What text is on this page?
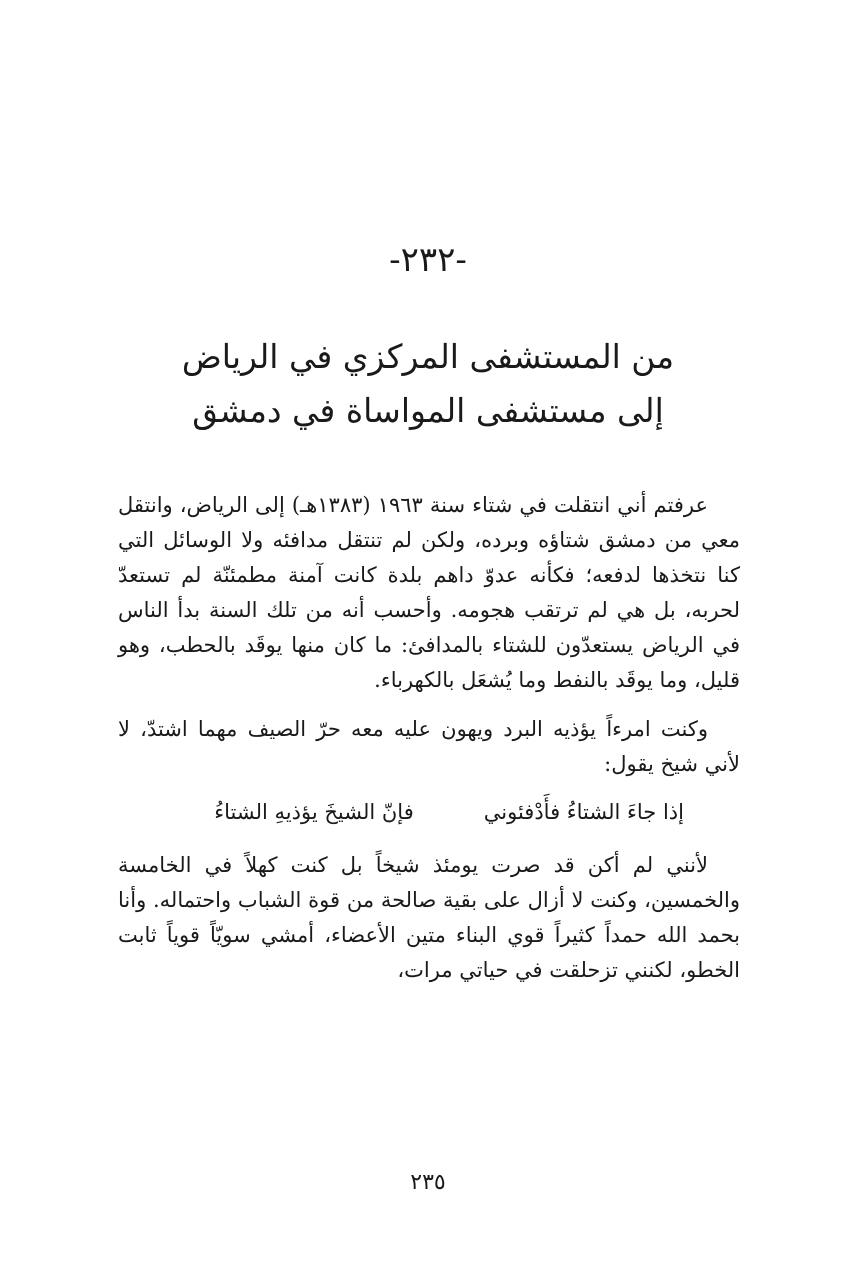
-٢٣٢-
من المستشفى المركزي في الرياض
إلى مستشفى المواساة في دمشق

عرفتم أني انتقلت في شتاء سنة ١٩٦٣ (١٣٨٣هـ) إلى الرياض، وانتقل معي من دمشق شتاؤه وبرده، ولكن لم تنتقل مدافئه ولا الوسائل التي كنا نتخذها لدفعه؛ فكأنه عدوّ داهم بلدة كانت آمنة مطمئنّة لم تستعدّ لحربه، بل هي لم ترتقب هجومه. وأحسب أنه من تلك السنة بدأ الناس في الرياض يستعدّون للشتاء بالمدافئ: ما كان منها يوقَد بالحطب، وهو قليل، وما يوقَد بالنفط وما يُشعَل بالكهرباء.

وكنت امرءاً يؤذيه البرد ويهون عليه معه حرّ الصيف مهما اشتدّ، لا لأني شيخ يقول:

إذا جاءَ الشتاءُ فأَدْفئوني
فإنّ الشيخَ يؤذيهِ الشتاءُ

لأنني لم أكن قد صرت يومئذ شيخاً بل كنت كهلاً في الخامسة والخمسين، وكنت لا أزال على بقية صالحة من قوة الشباب واحتماله. وأنا بحمد الله حمداً كثيراً قوي البناء متين الأعضاء، أمشي سويّاً قوياً ثابت الخطو، لكنني تزحلقت في حياتي مرات،

٢٣٥
